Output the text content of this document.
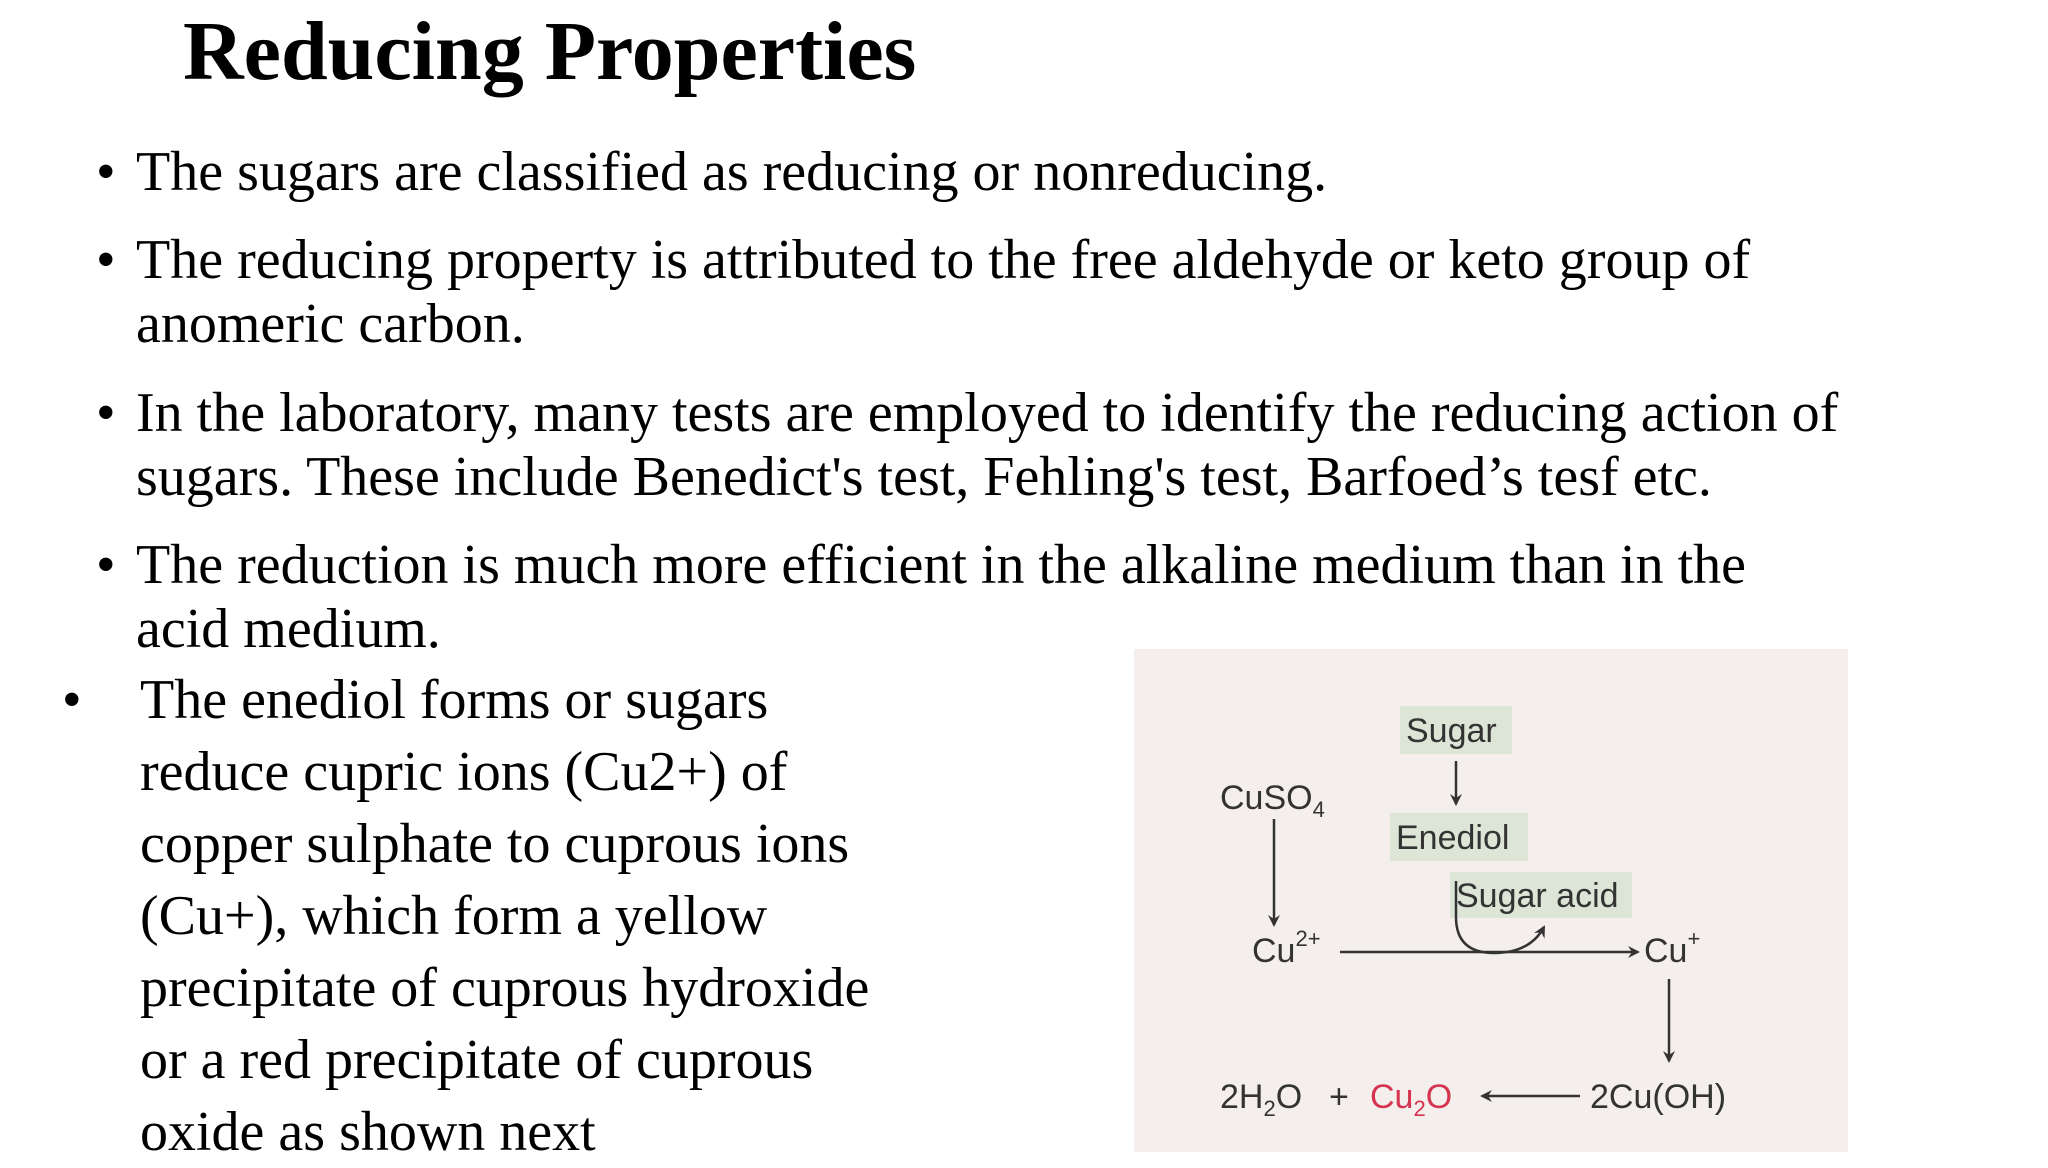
Reducing Properties
• The sugars are classified as reducing or nonreducing.
• The reducing property is attributed to the free aldehyde or keto group of
anomeric carbon.
• In the laboratory, many tests are employed to identify the reducing action of
sugars. These include Benedict's test, Fehling's test, Barfoed’s tesf etc.
• The reduction is much more efficient in the alkaline medium than in the
acid medium.
• The enediol forms or sugars
reduce cupric ions (Cu2+) of
copper sulphate to cuprous ions
(Cu+), which form a yellow
precipitate of cuprous hydroxide
or a red precipitate of cuprous
oxide as shown next
Sugar
Enediol
Sugar acid
CuSO$_4$
$Cu^{2+}$	Cu+
$2H_2O + Cu_2O$	2Cu(OH)
